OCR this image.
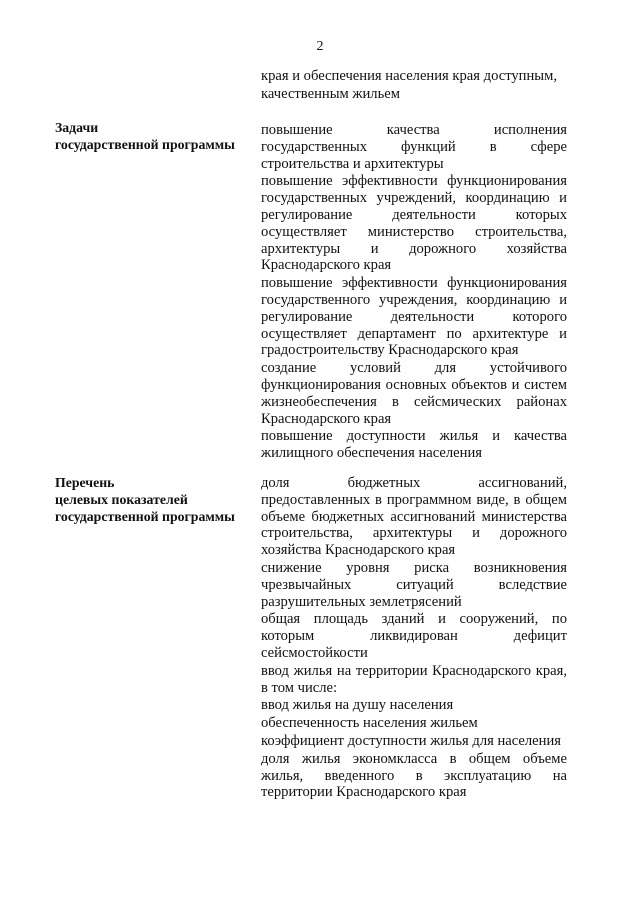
2

края и обеспечения населения края доступным,

качественным жильем

Задачи
государственной программы

повышение качества исполнения государственных функций в сфере строительства и архитектуры

повышение эффективности функционирования государственных учреждений, координацию и регулирование деятельности которых осуществляет министерство строительства, архитектуры и дорожного хозяйства Краснодарского края

повышение эффективности функционирования государственного учреждения, координацию и регулирование деятельности которого осуществляет департамент по архитектуре и градостроительству Краснодарского края

создание условий для устойчивого функционирования основных объектов и систем жизнеобеспечения в сейсмических районах Краснодарского края

повышение доступности жилья и качества жилищного обеспечения населения

Перечень
целевых показателей
государственной программы

доля бюджетных ассигнований, предоставленных в программном виде, в общем объеме бюджетных ассигнований министерства строительства, архитектуры и дорожного хозяйства Краснодарского края

снижение уровня риска возникновения чрезвычайных ситуаций вследствие разрушительных землетрясений

общая площадь зданий и сооружений, по которым ликвидирован дефицит сейсмостойкости

ввод жилья на территории Краснодарского края, в том числе:

ввод жилья на душу населения

обеспеченность населения жильем

коэффициент доступности жилья для населения

доля жилья экономкласса в общем объеме жилья, введенного в эксплуатацию на территории Краснодарского края
